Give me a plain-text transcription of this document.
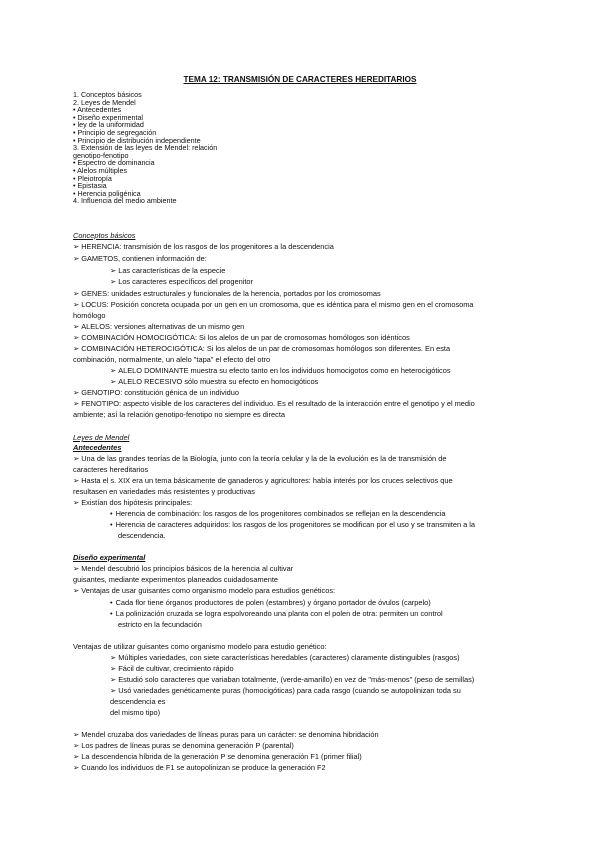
TEMA 12: TRANSMISIÓN DE CARACTERES HEREDITARIOS
1. Conceptos básicos
2. Leyes de Mendel
• Antecedentes
• Diseño experimental
• ley de la uniformidad
• Principio de segregación
• Principio de distribución independiente
3. Extensión de las leyes de Mendel: relación
genotipo-fenotipo
• Espectro de dominancia
• Alelos múltiples
• Pleiotropía
• Epistasia
• Herencia poligénica
4. Influencia del medio ambiente
Conceptos básicos
➢ HERENCIA: transmisión de los rasgos de los progenitores a la descendencia
➢ GAMETOS, contienen información de:
➢ Las características de la especie
➢ Los caracteres específicos del progenitor
➢ GENES: unidades estructurales y funcionales de la herencia, portados por los cromosomas
➢ LOCUS: Posición concreta ocupada por un gen en un cromosoma, que es idéntica para el mismo gen en el cromosoma
homólogo
➢ ALELOS: versiones alternativas de un mismo gen
➢ COMBINACIÓN HOMOCIGÓTICA: Si los alelos de un par de cromosomas homólogos son idénticos
➢ COMBINACIÓN HETEROCIGÓTICA: Si los alelos de un par de cromosomas homólogos son diferentes. En esta
combinación, normalmente, un alelo "tapa" el efecto del otro
➢ ALELO DOMINANTE muestra su efecto tanto en los individuos homocigotos como en heterocigóticos
➢ ALELO RECESIVO sólo muestra su efecto en homocigóticos
➢ GENOTIPO: constitución génica de un individuo
➢ FENOTIPO: aspecto visible de los caracteres del individuo. Es el resultado de la interacción entre el genotipo y el medio
ambiente; así la relación genotipo-fenotipo no siempre es directa
Leyes de Mendel
Antecedentes
➢ Una de las grandes teorías de la Biología, junto con la teoría celular y la de la evolución es la de transmisión de
caracteres hereditarios
➢ Hasta el s. XIX era un tema básicamente de ganaderos y agricultores: había interés por los cruces selectivos que
resultasen en variedades más resistentes y productivas
➢ Existían dos hipótesis principales:
• Herencia de combinación: los rasgos de los progenitores combinados se reflejan en la descendencia
• Herencia de caracteres adquiridos: los rasgos de los progenitores se modifican por el uso y se transmiten a la
descendencia.
Diseño experimental
➢ Mendel descubrió los principios básicos de la herencia al cultivar
guisantes, mediante experimentos planeados cuidadosamente
➢ Ventajas de usar guisantes como organismo modelo para estudios genéticos:
• Cada flor tiene órganos productores de polen (estambres) y órgano portador de óvulos (carpelo)
• La polinización cruzada se logra espolvoreando una planta con el polen de otra: permiten un control
estricto en la fecundación
Ventajas de utilizar guisantes como organismo modelo para estudio genético:
➢ Múltiples variedades, con siete características heredables (caracteres) claramente distinguibles (rasgos)
➢ Fácil de cultivar, crecimiento rápido
➢ Estudió solo caracteres que variaban totalmente, (verde-amarillo) en vez de "más-menos" (peso de semillas)
➢ Usó variedades genéticamente puras (homocigóticas) para cada rasgo (cuando se autopolinizan toda su
descendencia es
del mismo tipo)
➢ Mendel cruzaba dos variedades de líneas puras para un carácter: se denomina hibridación
➢ Los padres de líneas puras se denomina generación P (parental)
➢ La descendencia híbrida de la generación P se denomina generación F1 (primer filial)
➢ Cuando los individuos de F1 se autopolinizan se produce la generación F2
